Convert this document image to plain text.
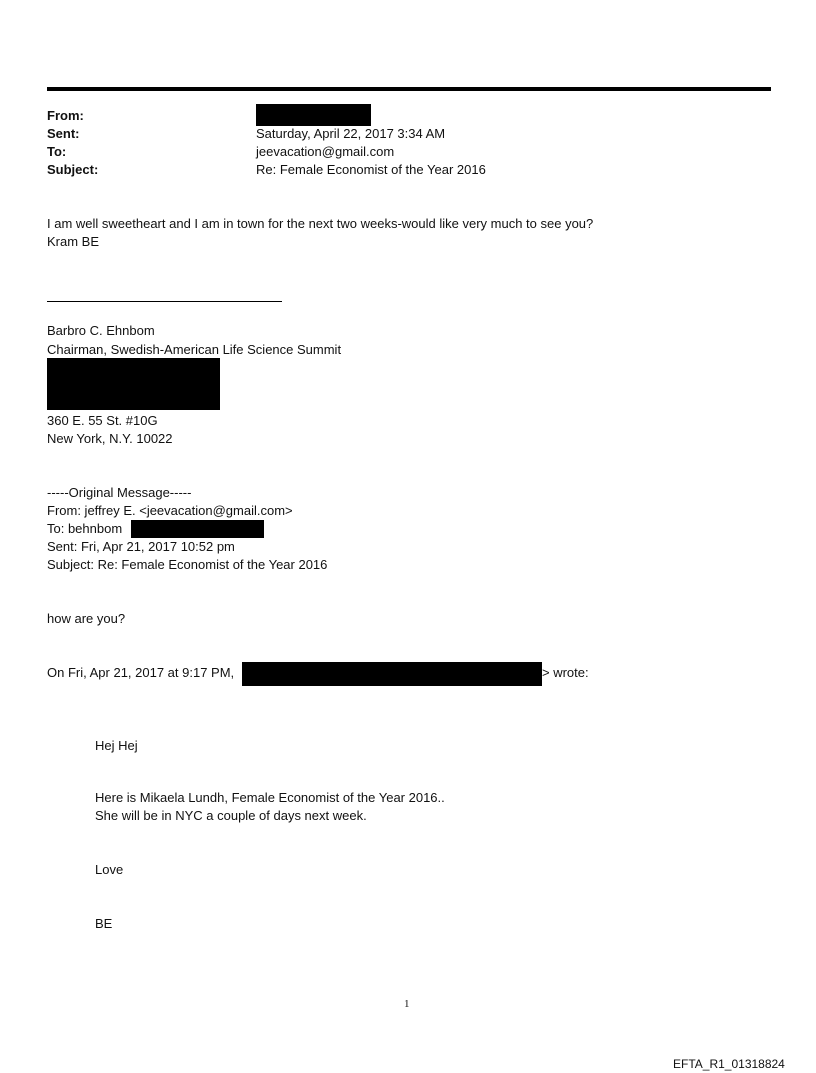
From:
Sent:
To:
Subject:
Saturday, April 22, 2017 3:34 AM
jeevacation@gmail.com
Re: Female Economist of the Year 2016
I am well sweetheart and I am in town for the next two weeks-would like very much to see you?
Kram BE
Barbro C. Ehnbom
Chairman, Swedish-American Life Science Summit
360 E. 55 St. #10G
New York, N.Y. 10022
-----Original Message-----
From: jeffrey E. <jeevacation@gmail.com>
To: behnbom
Sent: Fri, Apr 21, 2017 10:52 pm
Subject: Re: Female Economist of the Year 2016
how are you?
On Fri, Apr 21, 2017 at 9:17 PM,	> wrote:
Hej Hej
Here is Mikaela Lundh, Female Economist of the Year 2016..
She will be in NYC a couple of days next week.
Love
BE
1
EFTA_R1_01318824
